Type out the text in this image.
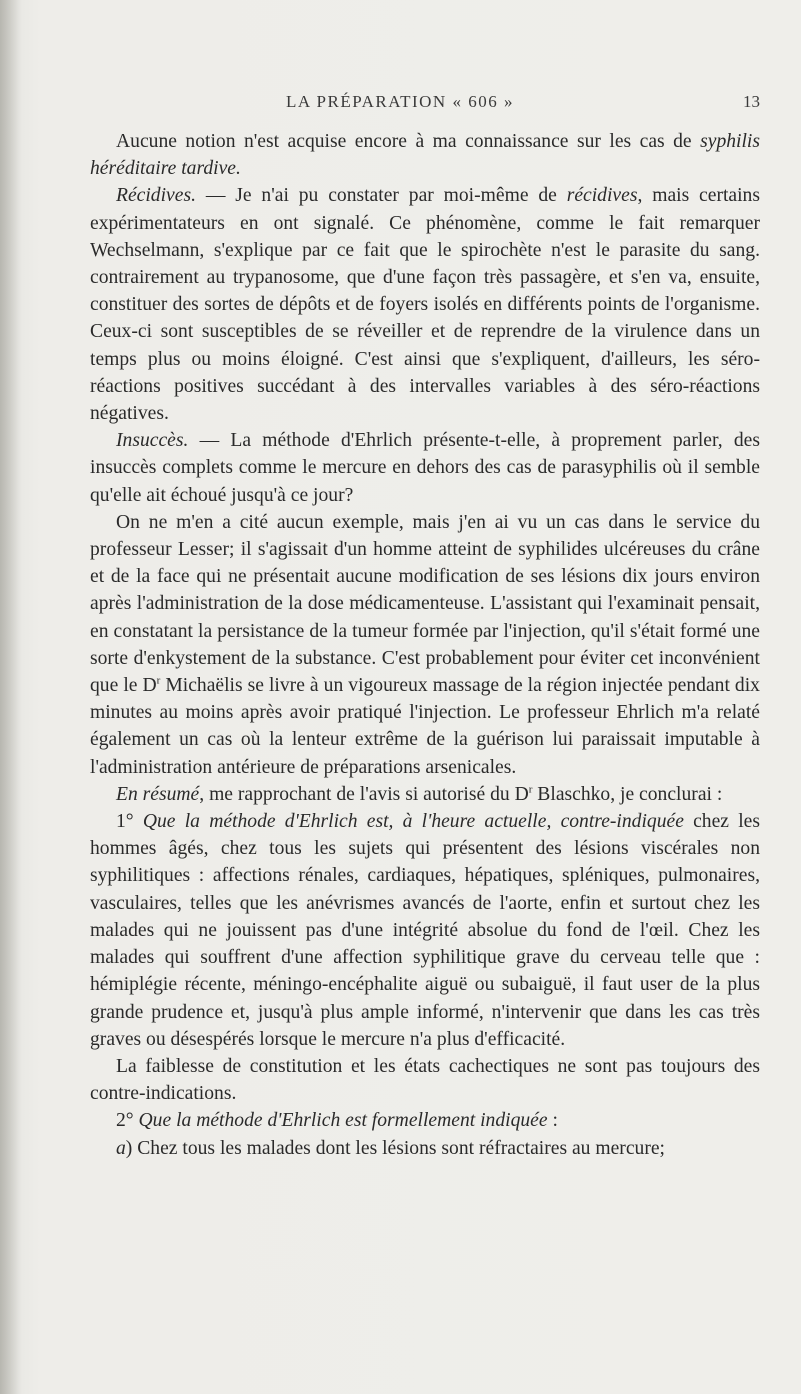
LA PRÉPARATION « 606 »	13

Aucune notion n'est acquise encore à ma connaissance sur les cas de syphilis héréditaire tardive.

Récidives. — Je n'ai pu constater par moi-même de récidives, mais certains expérimentateurs en ont signalé. Ce phénomène, comme le fait remarquer Wechselmann, s'explique par ce fait que le spirochète n'est le parasite du sang. contrairement au trypanosome, que d'une façon très passagère, et s'en va, ensuite, constituer des sortes de dépôts et de foyers isolés en différents points de l'organisme. Ceux-ci sont susceptibles de se réveiller et de reprendre de la virulence dans un temps plus ou moins éloigné. C'est ainsi que s'expliquent, d'ailleurs, les séro-réactions positives succédant à des intervalles variables à des séro-réactions négatives.

Insuccès. — La méthode d'Ehrlich présente-t-elle, à proprement parler, des insuccès complets comme le mercure en dehors des cas de parasyphilis où il semble qu'elle ait échoué jusqu'à ce jour?

On ne m'en a cité aucun exemple, mais j'en ai vu un cas dans le service du professeur Lesser; il s'agissait d'un homme atteint de syphilides ulcéreuses du crâne et de la face qui ne présentait aucune modification de ses lésions dix jours environ après l'administration de la dose médicamenteuse. L'assistant qui l'examinait pensait, en constatant la persistance de la tumeur formée par l'injection, qu'il s'était formé une sorte d'enkystement de la substance. C'est probablement pour éviter cet inconvénient que le $D^r$ Michaëlis se livre à un vigoureux massage de la région injectée pendant dix minutes au moins après avoir pratiqué l'injection. Le professeur Ehrlich m'a relaté également un cas où la lenteur extrême de la guérison lui paraissait imputable à l'administration antérieure de préparations arsenicales.

En résumé, me rapprochant de l'avis si autorisé du $D^r$ Blaschko, je conclurai :

1° Que la méthode d'Ehrlich est, à l'heure actuelle, contre-indiquée chez les hommes âgés, chez tous les sujets qui présentent des lésions viscérales non syphilitiques : affections rénales, cardiaques, hépatiques, spléniques, pulmonaires, vasculaires, telles que les anévrismes avancés de l'aorte, enfin et surtout chez les malades qui ne jouissent pas d'une intégrité absolue du fond de l'œil. Chez les malades qui souffrent d'une affection syphilitique grave du cerveau telle que : hémiplégie récente, méningo-encéphalite aiguë ou subaiguë, il faut user de la plus grande prudence et, jusqu'à plus ample informé, n'intervenir que dans les cas très graves ou désespérés lorsque le mercure n'a plus d'efficacité.

La faiblesse de constitution et les états cachectiques ne sont pas toujours des contre-indications.

2° Que la méthode d'Ehrlich est formellement indiquée :

a) Chez tous les malades dont les lésions sont réfractaires au mercure;
